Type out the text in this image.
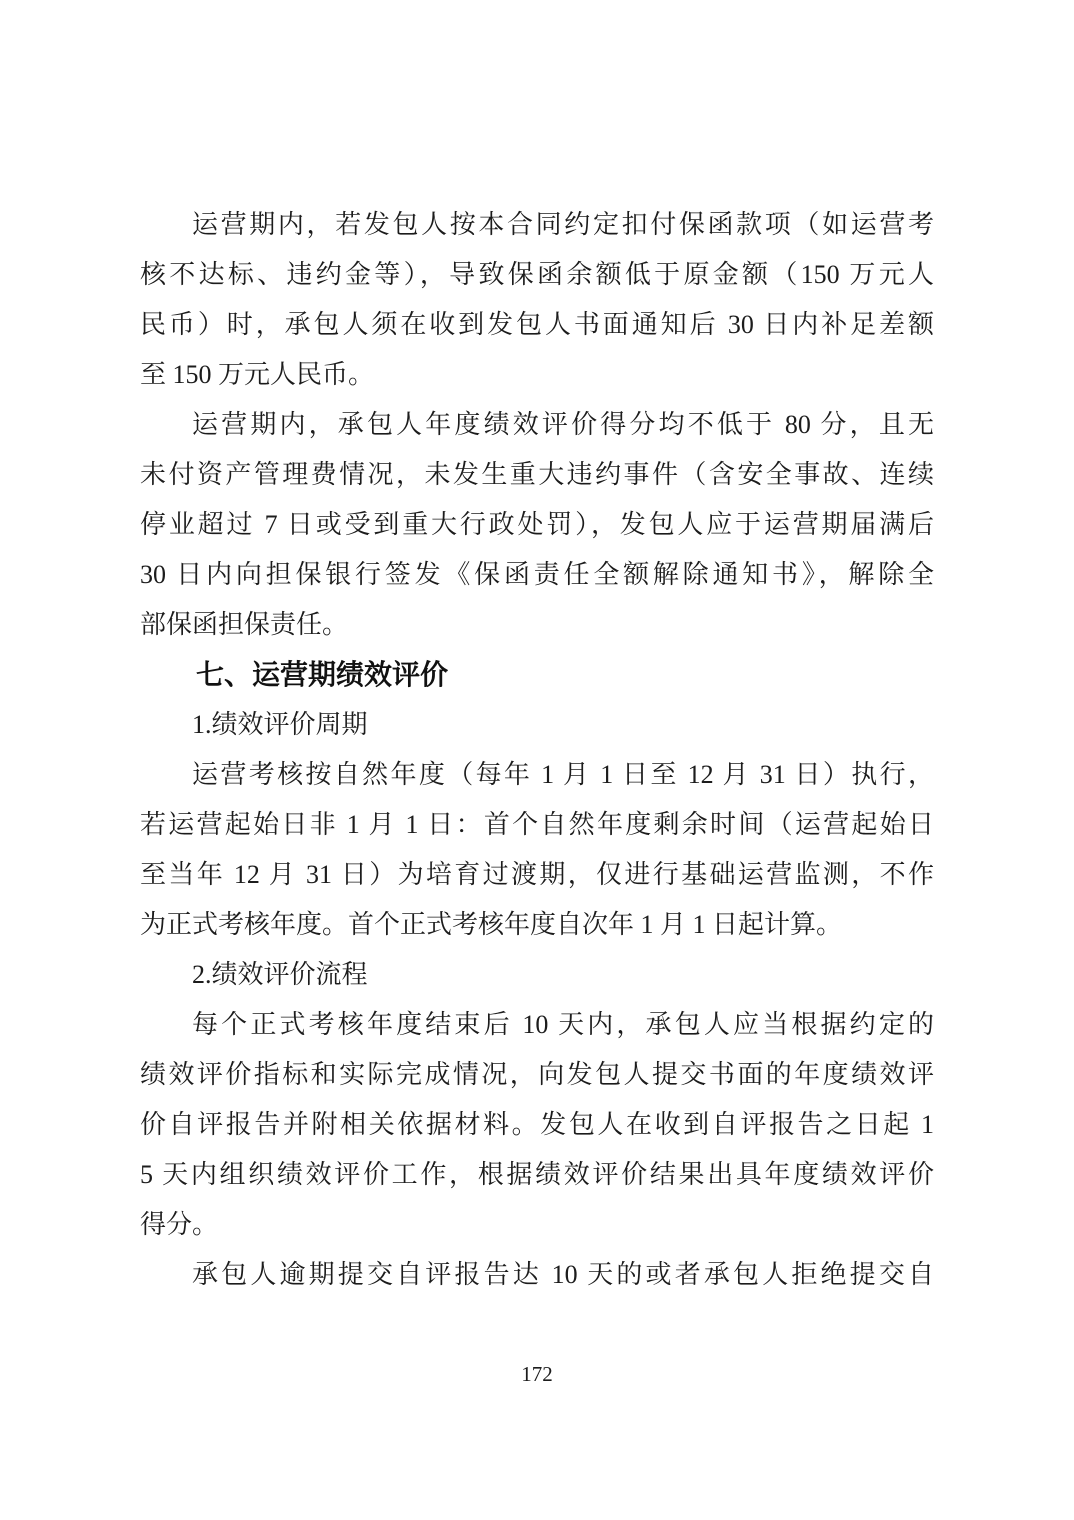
运营期内，若发包人按本合同约定扣付保函款项（如运营考
核不达标、违约金等），导致保函余额低于原金额（150 万元人
民币）时，承包人须在收到发包人书面通知后 30 日内补足差额
至 150 万元人民币。
运营期内，承包人年度绩效评价得分均不低于 80 分，且无
未付资产管理费情况，未发生重大违约事件（含安全事故、连续
停业超过 7 日或受到重大行政处罚），发包人应于运营期届满后
30 日内向担保银行签发《保函责任全额解除通知书》，解除全
部保函担保责任。
七、运营期绩效评价
1.绩效评价周期
运营考核按自然年度（每年 1 月 1 日至 12 月 31 日）执行，
若运营起始日非 1 月 1 日：首个自然年度剩余时间（运营起始日
至当年 12 月 31 日）为培育过渡期，仅进行基础运营监测，不作
为正式考核年度。首个正式考核年度自次年 1 月 1 日起计算。
2.绩效评价流程
每个正式考核年度结束后 10 天内，承包人应当根据约定的
绩效评价指标和实际完成情况，向发包人提交书面的年度绩效评
价自评报告并附相关依据材料。发包人在收到自评报告之日起 1
5 天内组织绩效评价工作，根据绩效评价结果出具年度绩效评价
得分。
承包人逾期提交自评报告达 10 天的或者承包人拒绝提交自
172
